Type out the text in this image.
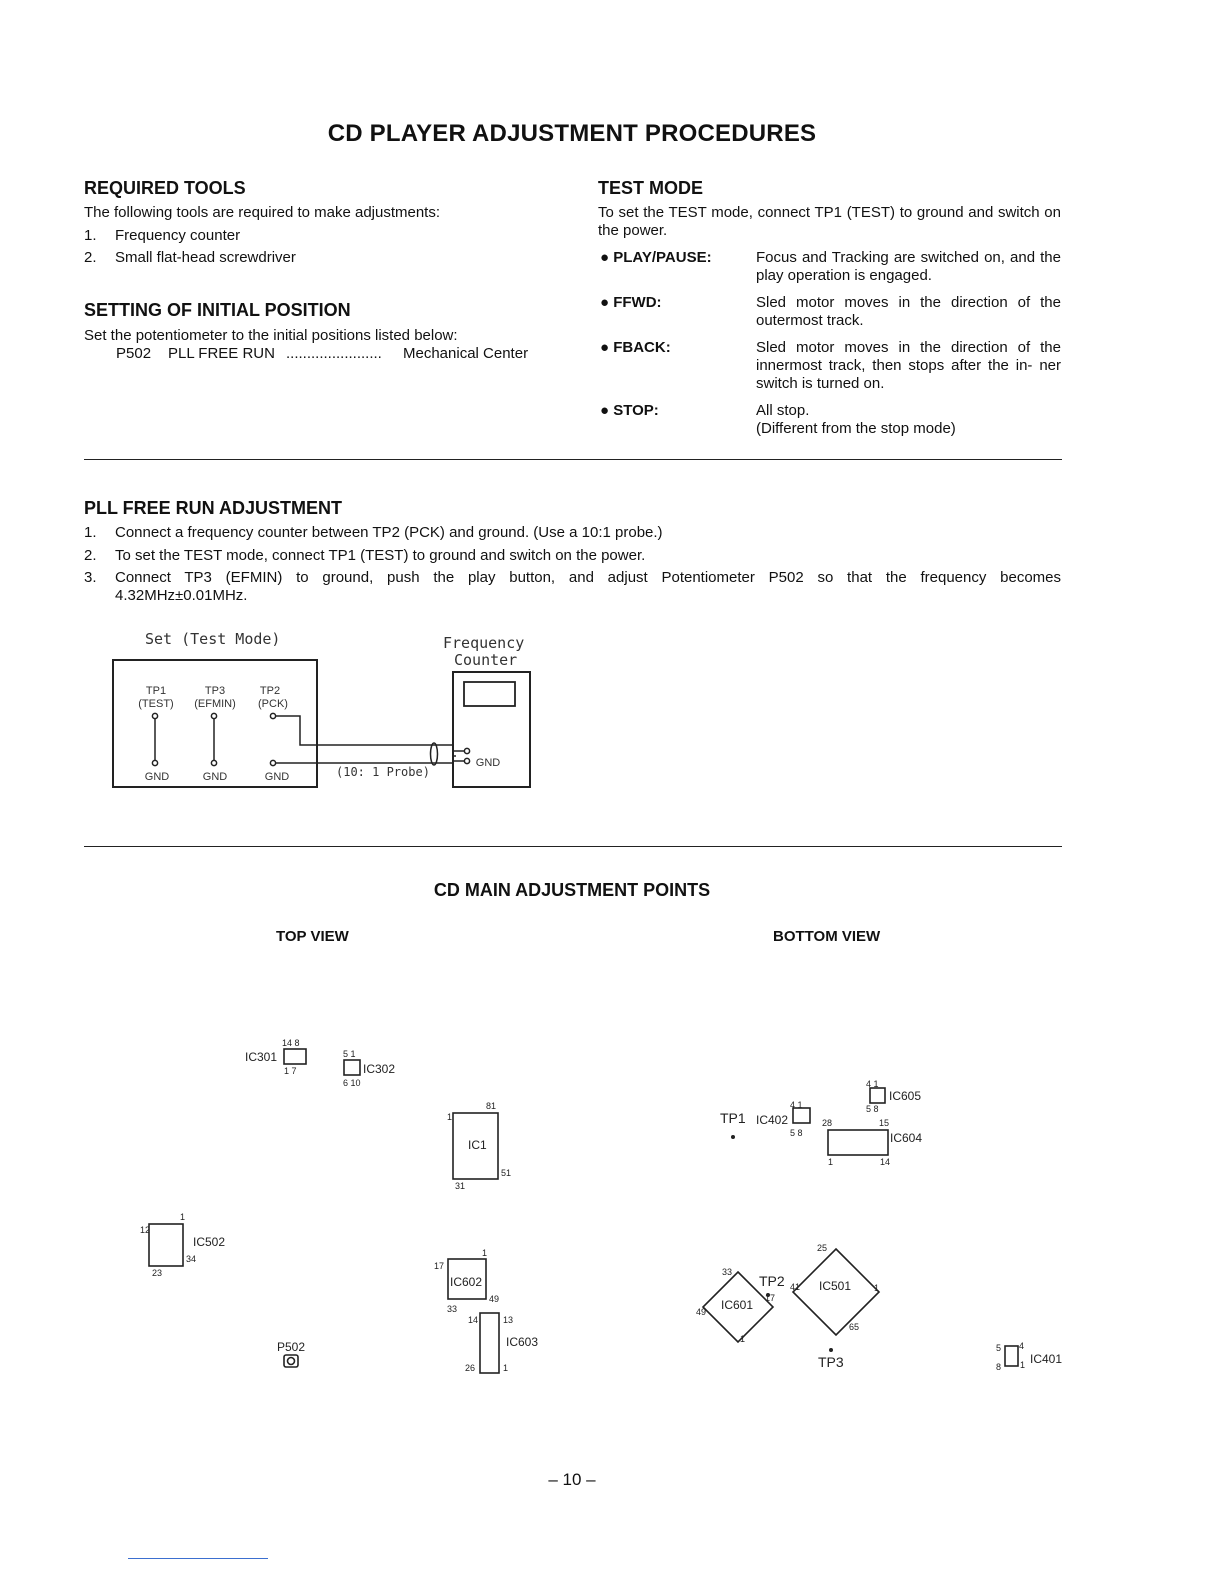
CD PLAYER ADJUSTMENT PROCEDURES
REQUIRED TOOLS
The following tools are required to make adjustments:
1. Frequency counter
2. Small flat-head screwdriver
SETTING OF INITIAL POSITION
Set the potentiometer to the initial positions listed below:
P502 PLL FREE RUN ....................... Mechanical Center
TEST MODE
To set the TEST mode, connect TP1 (TEST) to ground and switch on the power.
● PLAY/PAUSE:	Focus and Tracking are switched on, and the play operation is engaged.
● FFWD:	Sled motor moves in the direction of the outermost track.
● FBACK:	Sled motor moves in the direction of the innermost track, then stops after the in- ner switch is turned on.
● STOP:	All stop.
(Different from the stop mode)
PLL FREE RUN ADJUSTMENT
1. Connect a frequency counter between TP2 (PCK) and ground. (Use a 10:1 probe.)
2. To set the TEST mode, connect TP1 (TEST) to ground and switch on the power.
3. Connect TP3 (EFMIN) to ground, push the play button, and adjust Potentiometer P502 so that the frequency becomes
4.32MHz±0.01MHz.
Set (Test Mode)	Frequency
Counter
(10: 1 Probe)
TP1
(TEST)
TP3
(EFMIN)
TP2
(PCK)
GND	GND	GND
GND
CD MAIN ADJUSTMENT POINTS
TOP VIEW	BOTTOM VIEW
IC301
14 8
1 7	IC302
5 1
6 10
IC1
1
81
51
31
IC502
1
12
34
23
IC602
1
17
49
33
IC603
14	13
26	1
P502
TP1 IC402
4 1
5 8
IC605
4 1
5 8
IC604
28	15
1	14
IC501
25
41	1
65
TP2
IC601
33
17
49
1
TP3	IC401
5 4
8 1
– 10 –
